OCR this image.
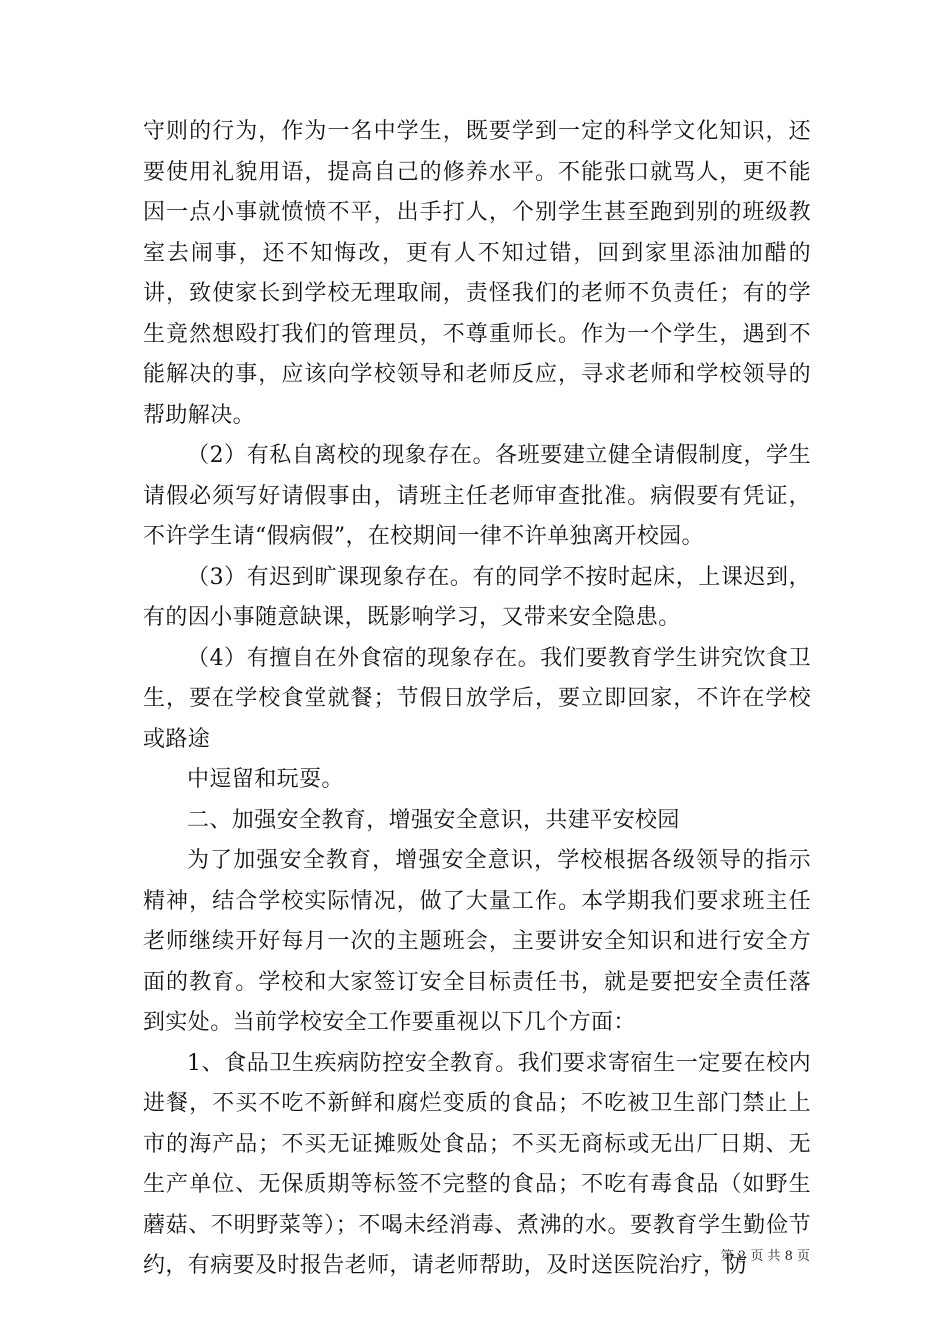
守则的行为，作为一名中学生，既要学到一定的科学文化知识，还要使用礼貌用语，提高自己的修养水平。不能张口就骂人，更不能因一点小事就愤愤不平，出手打人，个别学生甚至跑到别的班级教室去闹事，还不知悔改，更有人不知过错，回到家里添油加醋的讲，致使家长到学校无理取闹，责怪我们的老师不负责任；有的学生竟然想殴打我们的管理员，不尊重师长。作为一个学生，遇到不能解决的事，应该向学校领导和老师反应，寻求老师和学校领导的帮助解决。

（2）有私自离校的现象存在。各班要建立健全请假制度，学生请假必须写好请假事由，请班主任老师审查批准。病假要有凭证，不许学生请“假病假”，在校期间一律不许单独离开校园。

（3）有迟到旷课现象存在。有的同学不按时起床，上课迟到，有的因小事随意缺课，既影响学习，又带来安全隐患。

（4）有擅自在外食宿的现象存在。我们要教育学生讲究饮食卫生，要在学校食堂就餐；节假日放学后，要立即回家，不许在学校或路途

中逗留和玩耍。

二、加强安全教育，增强安全意识，共建平安校园

为了加强安全教育，增强安全意识，学校根据各级领导的指示精神，结合学校实际情况，做了大量工作。本学期我们要求班主任老师继续开好每月一次的主题班会，主要讲安全知识和进行安全方面的教育。学校和大家签订安全目标责任书，就是要把安全责任落到实处。当前学校安全工作要重视以下几个方面：

1、食品卫生疾病防控安全教育。我们要求寄宿生一定要在校内进餐，不买不吃不新鲜和腐烂变质的食品；不吃被卫生部门禁止上市的海产品；不买无证摊贩处食品；不买无商标或无出厂日期、无生产单位、无保质期等标签不完整的食品；不吃有毒食品（如野生蘑菇、不明野菜等）；不喝未经消毒、煮沸的水。要教育学生勤俭节约，有病要及时报告老师，请老师帮助，及时送医院治疗，防

第 2 页 共 8 页
